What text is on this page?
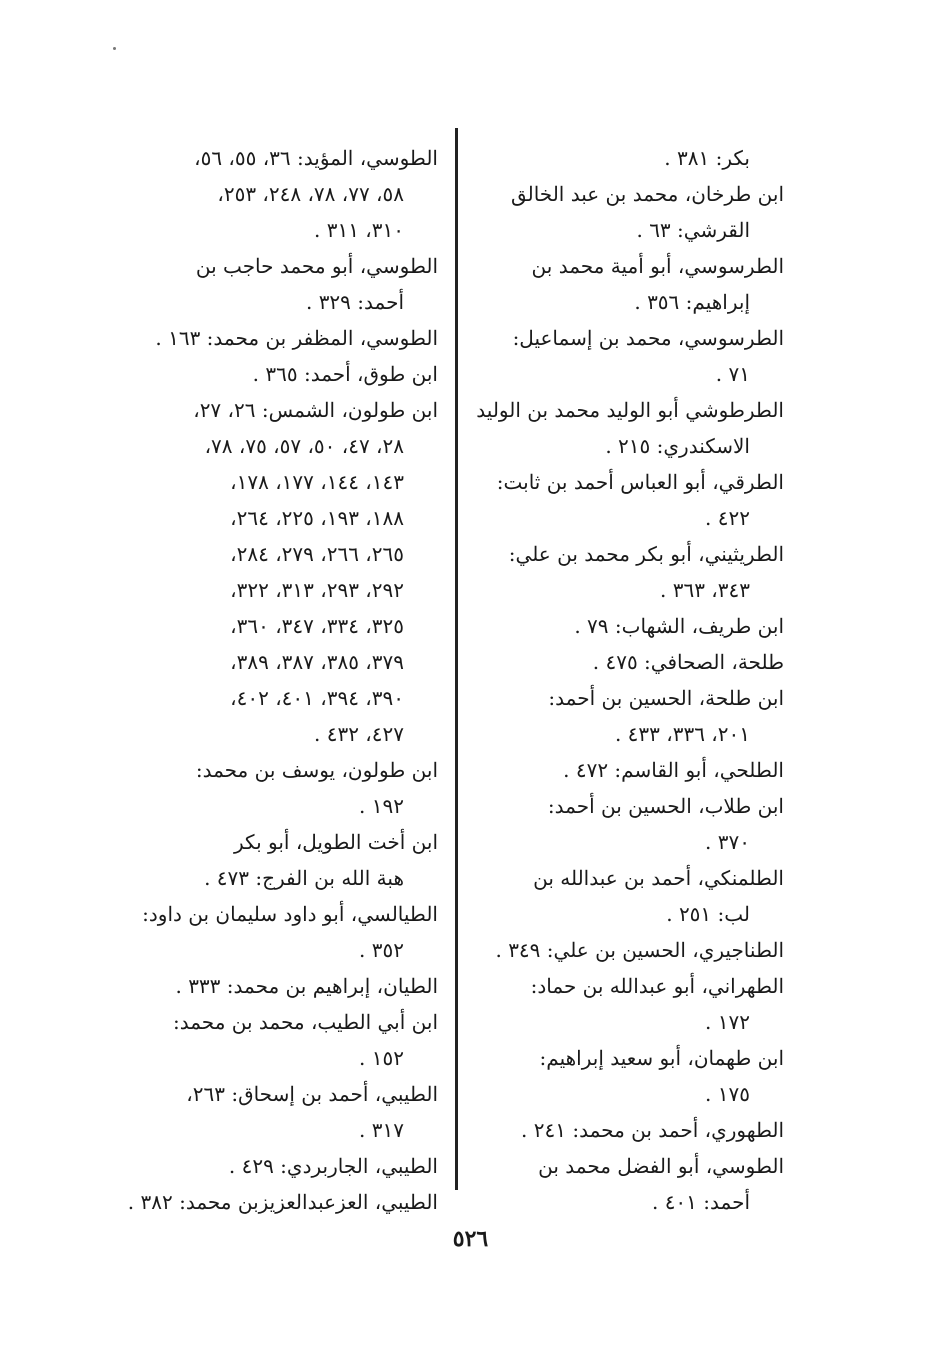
بكر: ٣٨١ .
ابن طرخان، محمد بن عبد الخالق
القرشي: ٦٣ .
الطرسوسي، أبو أمية محمد بن
إبراهيم: ٣٥٦ .
الطرسوسي، محمد بن إسماعيل:
٧١ .
الطرطوشي أبو الوليد محمد بن الوليد
الاسكندري: ٢١٥ .
الطرقي، أبو العباس أحمد بن ثابت:
٤٢٢ .
الطريثيني، أبو بكر محمد بن علي:
٣٤٣، ٣٦٣ .
ابن طريف، الشهاب: ٧٩ .
طلحة، الصحافي: ٤٧٥ .
ابن طلحة، الحسين بن أحمد:
٢٠١، ٣٣٦، ٤٣٣ .
الطلحي، أبو القاسم: ٤٧٢ .
ابن طلاب، الحسين بن أحمد:
٣٧٠ .
الطلمنكي، أحمد بن عبدالله بن
لب: ٢٥١ .
الطناجيري، الحسين بن علي: ٣٤٩ .
الطهراني، أبو عبدالله بن حماد:
١٧٢ .
ابن طهمان، أبو سعيد إبراهيم:
١٧٥ .
الطهوري، أحمد بن محمد: ٢٤١ .
الطوسي، أبو الفضل محمد بن
أحمد: ٤٠١ .
الطوسي، المؤيد: ٣٦، ٥٥، ٥٦،
٥٨، ٧٧، ٧٨، ٢٤٨، ٢٥٣،
٣١٠، ٣١١ .
الطوسي، أبو محمد حاجب بن
أحمد: ٣٢٩ .
الطوسي، المظفر بن محمد: ١٦٣ .
ابن طوق، أحمد: ٣٦٥ .
ابن طولون، الشمس: ٢٦، ٢٧،
٢٨، ٤٧، ٥٠، ٥٧، ٧٥، ٧٨،
١٤٣، ١٤٤، ١٧٧، ١٧٨،
١٨٨، ١٩٣، ٢٢٥، ٢٦٤،
٢٦٥، ٢٦٦، ٢٧٩، ٢٨٤،
٢٩٢، ٢٩٣، ٣١٣، ٣٢٢،
٣٢٥، ٣٣٤، ٣٤٧، ٣٦٠،
٣٧٩، ٣٨٥، ٣٨٧، ٣٨٩،
٣٩٠، ٣٩٤، ٤٠١، ٤٠٢،
٤٢٧، ٤٣٢ .
ابن طولون، يوسف بن محمد:
١٩٢ .
ابن أخت الطويل، أبو بكر
هبة الله بن الفرج: ٤٧٣ .
الطيالسي، أبو داود سليمان بن داود:
٣٥٢ .
الطيان، إبراهيم بن محمد: ٣٣٣ .
ابن أبي الطيب، محمد بن محمد:
١٥٢ .
الطيبي، أحمد بن إسحاق: ٢٦٣،
٣١٧ .
الطيبي، الجاربردي: ٤٢٩ .
الطيبي، العزعبدالعزيزبن محمد: ٣٨٢ .
٥٢٦
